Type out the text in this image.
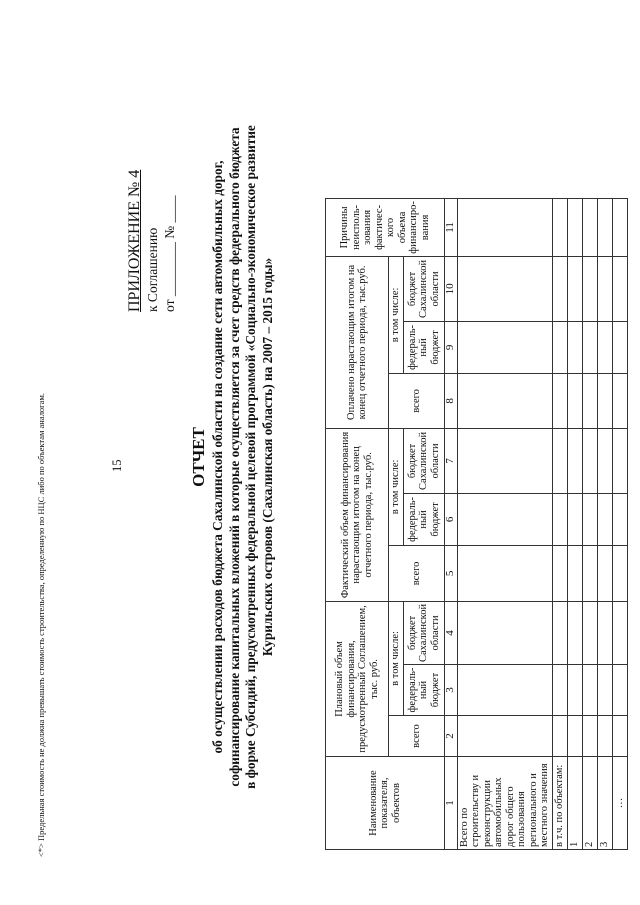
<*> Предельная стоимость не должна превышать стоимость строительства, определенную по НЦС либо по объектам аналогам.	15
ПРИЛОЖЕНИЕ № 4 к Соглашению от ________ № ____
ОТЧЕТ
об осуществлении расходов бюджета Сахалинской области на создание сети автомобильных дорог,
софинансирование капитальных вложений в которые осуществляется за счет средств федерального бюджета
в форме Субсидий, предусмотренных федеральной целевой программой «Социально-экономическое развитие
Курильских островов (Сахалинская область) на 2007 – 2015 годы»
Наименование показателя, объектов	Плановый объем финансирования, предусмотренный Соглашением, тыс. руб.			Фактический объем финансирования нарастающим итогом на конец отчетного периода, тыс.руб.			Оплачено нарастающим итогом на конец отчетного периода, тыс.руб.			Причины неисполь-зования фактичес-кого объема финансиро-вания
	всего	в том числе:		всего	в том числе:		всего	в том числе:		
		федераль-ный бюджет	бюджет Сахалинской области		федераль-ный бюджет	бюджет Сахалинской области		федераль-ный бюджет	бюджет Сахалинской области	
1	2	3	4	5	6	7	8	9	10	11
Всего по строительству и реконструкции автомобильных дорог общего пользования регионального и местного значения										
в т.ч. по объектам:										
1										
2										
3										
…										
